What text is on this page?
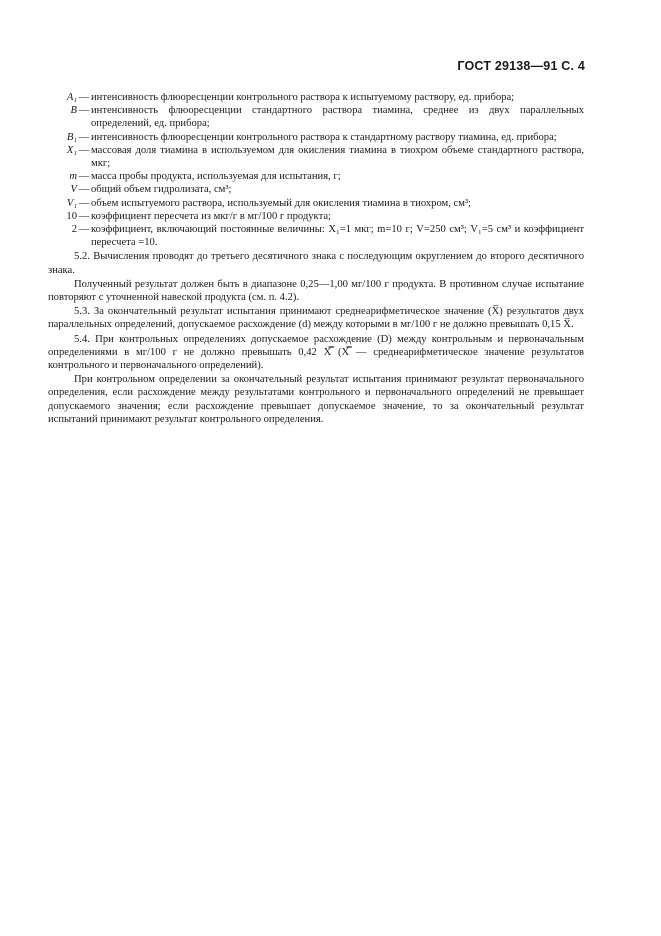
ГОСТ 29138—91 С. 4
A₁ — интенсивность флюоресценции контрольного раствора к испытуемому раствору, ед. прибора;
B — интенсивность флюоресценции стандартного раствора тиамина, среднее из двух параллельных определений, ед. прибора;
B₁ — интенсивность флюоресценции контрольного раствора к стандартному раствору тиамина, ед. прибора;
X₁ — массовая доля тиамина в используемом для окисления тиамина в тиохром объеме стандартного раствора, мкг;
m — масса пробы продукта, используемая для испытания, г;
V — общий объем гидролизата, см³;
V₁ — объем испытуемого раствора, используемый для окисления тиамина в тиохром, см³;
10 — коэффициент пересчета из мкг/г в мг/100 г продукта;
2 — коэффициент, включающий постоянные величины: X₁=1 мкг; m=10 г; V=250 см³; V₁=5 см³ и коэффициент пересчета =10.

5.2. Вычисления проводят до третьего десятичного знака с последующим округлением до второго десятичного знака.

Полученный результат должен быть в диапазоне 0,25—1,00 мг/100 г продукта. В противном случае испытание повторяют с уточненной навеской продукта (см. п. 4.2).

5.3. За окончательный результат испытания принимают среднеарифметическое значение (X̅) результатов двух параллельных определений, допускаемое расхождение (d) между которыми в мг/100 г не должно превышать 0,15 X̅.

5.4. При контрольных определениях допускаемое расхождение (D) между контрольным и первоначальным определениями в мг/100 г не должно превышать 0,42 X̿ (X̿ — среднеарифметическое значение результатов контрольного и первоначального определений).

При контрольном определении за окончательный результат испытания принимают результат первоначального определения, если расхождение между результатами контрольного и первоначального определений не превышает допускаемого значения; если расхождение превышает допускаемое значение, то за окончательный результат испытаний принимают результат контрольного определения.
